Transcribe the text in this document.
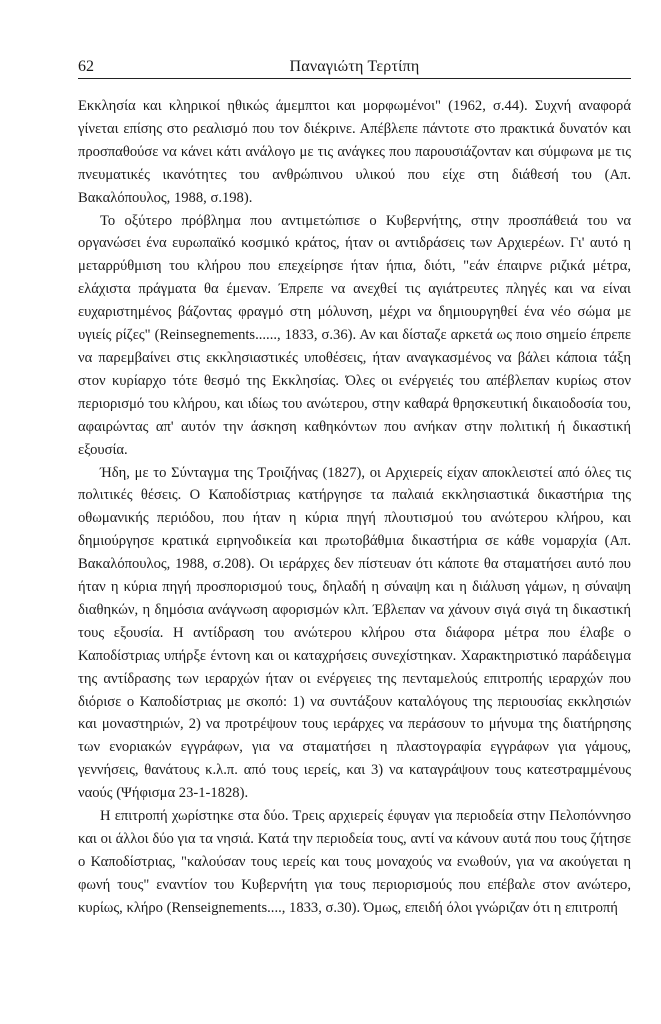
62	Παναγιώτη Τερτίπη

Εκκλησία και κληρικοί ηθικώς άμεμπτοι και μορφωμένοι" (1962, σ.44). Συχνή αναφορά γίνεται επίσης στο ρεαλισμό που τον διέκρινε. Απέβλεπε πάντοτε στο πρακτικά δυνατόν και προσπαθούσε να κάνει κάτι ανάλογο με τις ανάγκες που παρουσιάζονταν και σύμφωνα με τις πνευματικές ικανότητες του ανθρώπινου υλικού που είχε στη διάθεσή του (Απ. Βακαλόπουλος, 1988, σ.198).

Το οξύτερο πρόβλημα που αντιμετώπισε ο Κυβερνήτης, στην προσπάθειά του να οργανώσει ένα ευρωπαϊκό κοσμικό κράτος, ήταν οι αντιδράσεις των Αρχιερέων. Γι' αυτό η μεταρρύθμιση του κλήρου που επεχείρησε ήταν ήπια, διότι, "εάν έπαιρνε ριζικά μέτρα, ελάχιστα πράγματα θα έμεναν. Έπρεπε να ανεχθεί τις αγιάτρευτες πληγές και να είναι ευχαριστημένος βάζοντας φραγμό στη μόλυνση, μέχρι να δημιουργηθεί ένα νέο σώμα με υγιείς ρίζες" (Reinsegnements......, 1833, σ.36). Αν και δίσταζε αρκετά ως ποιο σημείο έπρεπε να παρεμβαίνει στις εκκλησιαστικές υποθέσεις, ήταν αναγκασμένος να βάλει κάποια τάξη στον κυρίαρχο τότε θεσμό της Εκκλησίας. Όλες οι ενέργειές του απέβλεπαν κυρίως στον περιορισμό του κλήρου, και ιδίως του ανώτερου, στην καθαρά θρησκευτική δικαιοδοσία του, αφαιρώντας απ' αυτόν την άσκηση καθηκόντων που ανήκαν στην πολιτική ή δικαστική εξουσία.

Ήδη, με το Σύνταγμα της Τροιζήνας (1827), οι Αρχιερείς είχαν αποκλειστεί από όλες τις πολιτικές θέσεις. Ο Καποδίστριας κατήργησε τα παλαιά εκκλησιαστικά δικαστήρια της οθωμανικής περιόδου, που ήταν η κύρια πηγή πλουτισμού του ανώτερου κλήρου, και δημιούργησε κρατικά ειρηνοδικεία και πρωτοβάθμια δικαστήρια σε κάθε νομαρχία (Απ. Βακαλόπουλος, 1988, σ.208). Οι ιεράρχες δεν πίστευαν ότι κάποτε θα σταματήσει αυτό που ήταν η κύρια πηγή προσπορισμού τους, δηλαδή η σύναψη και η διάλυση γάμων, η σύναψη διαθηκών, η δημόσια ανάγνωση αφορισμών κλπ. Έβλεπαν να χάνουν σιγά σιγά τη δικαστική τους εξουσία. Η αντίδραση του ανώτερου κλήρου στα διάφορα μέτρα που έλαβε ο Καποδίστριας υπήρξε έντονη και οι καταχρήσεις συνεχίστηκαν. Χαρακτηριστικό παράδειγμα της αντίδρασης των ιεραρχών ήταν οι ενέργειες της πενταμελούς επιτροπής ιεραρχών που διόρισε ο Καποδίστριας με σκοπό: 1) να συντάξουν καταλόγους της περιουσίας εκκλησιών και μοναστηριών, 2) να προτρέψουν τους ιεράρχες να περάσουν το μήνυμα της διατήρησης των ενοριακών εγγράφων, για να σταματήσει η πλαστογραφία εγγράφων για γάμους, γεννήσεις, θανάτους κ.λ.π. από τους ιερείς, και 3) να καταγράψουν τους κατεστραμμένους ναούς (Ψήφισμα 23-1-1828).

Η επιτροπή χωρίστηκε στα δύο. Τρεις αρχιερείς έφυγαν για περιοδεία στην Πελοπόννησο και οι άλλοι δύο για τα νησιά. Κατά την περιοδεία τους, αντί να κάνουν αυτά που τους ζήτησε ο Καποδίστριας, "καλούσαν τους ιερείς και τους μοναχούς να ενωθούν, για να ακούγεται η φωνή τους" εναντίον του Κυβερνήτη για τους περιορισμούς που επέβαλε στον ανώτερο, κυρίως, κλήρο (Renseignements...., 1833, σ.30). Όμως, επειδή όλοι γνώριζαν ότι η επιτροπή
